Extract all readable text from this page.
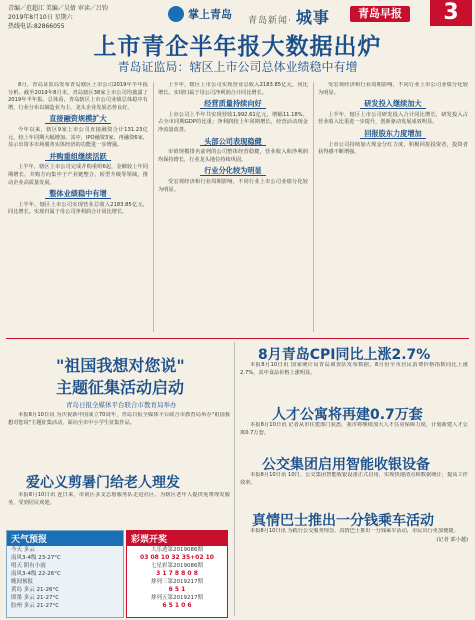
青编／范超江 美编／吴倩 审读／吕钧
2019年8月10日 星期六
热线电话:82866055
掌上青岛 青岛新闻· 城事	青岛早报	3
上市青企半年报大数据出炉
青岛证监局：辖区上市公司总体业绩稳中有增

8月，青岛证监局发布青岛辖区上市公司2019年半年报分析。截至2019年8月末，青岛辖区38家上市公司均披露了2019年半年报。总体看，青岛辖区上市公司业绩总体稳中有增，行业分布以制造业为主，龙头企业发展态势良好。

直接融资规模扩大

今年以来，辖区9家上市公司直接融资合计131.23亿元，较上年同期大幅增加。其中，IPO融资3家，再融资6家，显示出资本市场服务实体经济的功能进一步增强。

并购重组继续活跃

上半年，辖区上市公司完成并购重组6起，金额较上年同期增长。并购方向集中于产业链整合、转型升级等领域，推动企业高质量发展。

整体业绩稳中有增

上半年，辖区上市公司实现营业总收入2183.85亿元，同比增长。实现归属于母公司净利润合计同比增长。

上半年，辖区上市公司实现营业总收入2183.85亿元，同比增长。实现归属于母公司净利润合计同比增长。

经营质量持续向好

上市公司上半年共实现营收1,992.61亿元，增幅11.18%，占全市同期GDP的比重；净利润较上年同期增长，经营活动现金净流量改善。

头部公司表现稳健

市值规模排名前列的公司整体经营稳健，营业收入和净利润均保持增长，行业龙头地位持续巩固。

行业分化较为明显

受宏观经济和行业周期影响，不同行业上市公司业绩分化较为明显。

受宏观经济和行业周期影响，不同行业上市公司业绩分化较为明显。

研发投入继续加大

上半年，辖区上市公司研发投入合计同比增长，研发投入占营业收入比重进一步提升，创新驱动发展成效明显。

回报股东力度增加

上市公司持续加大现金分红力度，积极回报投资者，投资者获得感不断增强。

"祖国我想对您说"
主题征集活动启动
青岛日报全媒体平台联合市教育局举办

本报8月10日讯 为庆祝新中国成立70周年，青岛日报全媒体平台联合市教育局举办"祖国我想对您说"主题征集活动，面向全市中小学生征集作品。

爱心义剪暑门给老人理发

本报8月10日讯 连日来，市南区多支志愿服务队走进社区，为辖区老年人提供免费理发服务，受到居民欢迎。

8月青岛CPI同比上涨2.7%

本报8月10日讯 国家统计局青岛调查队发布数据，8月份全市居民消费价格指数同比上涨2.7%，其中食品价格上涨明显。

人才公寓将再建0.7万套

本报8月10日讯 记者从市住建部门获悉，我市将继续加大人才住房保障力度，计划新建人才公寓0.7万套。

公交集团启用智能收银设备

本报8月10日讯 10日，公交集团智能收银设备正式启用，实现快速清点和数据统计，提高工作效率。

真情巴士推出一分钱乘车活动

本报8月10日讯 为践行公交服务理念，真情巴士推出一分钱乘车活动，市民出行更加便捷。

(记者 郭小越)

天气预报
今天 多云
南风3-4级 23-27°C
明天 阴有小雨
南风3-4级 22-26°C
晚间预报
黄岛 多云 21-26°C
即墨 多云 21-27°C
胶州 多云 21-27°C
彩票开奖
大乐透第2019086期
03 08 10 32 35+02 10
七星彩第2019086期
3 1 7 8 8 0 8
排列三第2019217期
6 5 1
排列五第2019217期
6 5 1 0 6
